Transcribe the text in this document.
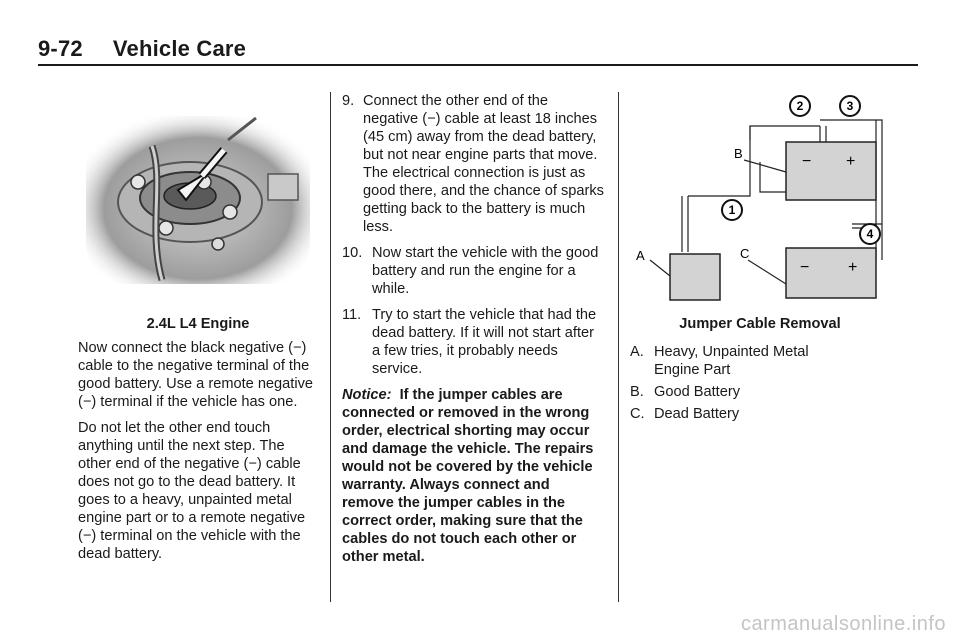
9-72 Vehicle Care

2.4L L4 Engine

Now connect the black negative (−) cable to the negative terminal of the good battery. Use a remote negative (−) terminal if the vehicle has one.

Do not let the other end touch anything until the next step. The other end of the negative (−) cable does not go to the dead battery. It goes to a heavy, unpainted metal engine part or to a remote negative (−) terminal on the vehicle with the dead battery.

9. Connect the other end of the negative (−) cable at least 18 inches (45 cm) away from the dead battery, but not near engine parts that move. The electrical connection is just as good there, and the chance of sparks getting back to the battery is much less.
10. Now start the vehicle with the good battery and run the engine for a while.
11. Try to start the vehicle that had the dead battery. If it will not start after a few tries, it probably needs service.

Notice: If the jumper cables are connected or removed in the wrong order, electrical shorting may occur and damage the vehicle. The repairs would not be covered by the vehicle warranty. Always connect and remove the jumper cables in the correct order, making sure that the cables do not touch each other or other metal.

− +
− +
A
B
C
1
2	3
4

Jumper Cable Removal

A. Heavy, Unpainted Metal Engine Part
B. Good Battery
C. Dead Battery
carmanualsonline.info
